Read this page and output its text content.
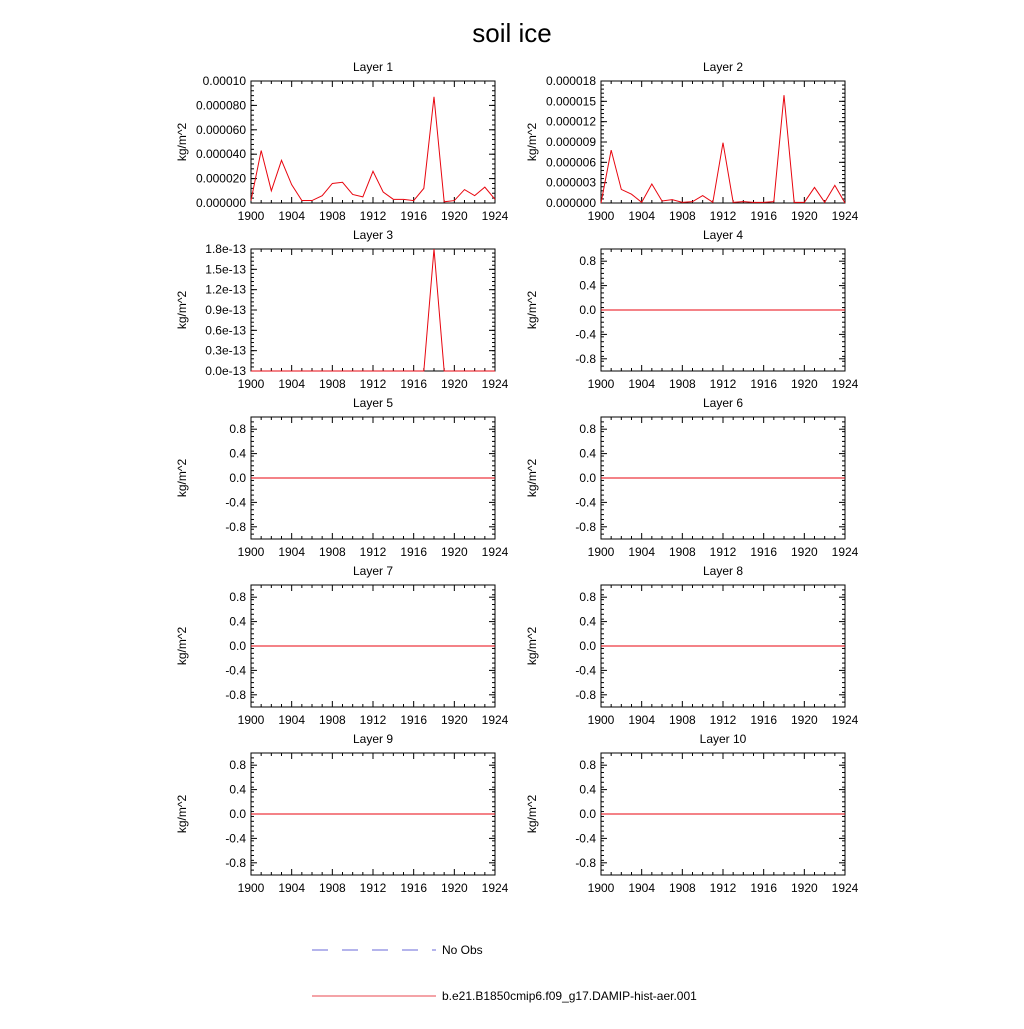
soil ice
Layer 1
1900 1904 1908 1912 1916 1920 1924
0.000000
0.000020
0.000040
0.000060
0.000080
0.00010
kg/m^2
Layer 2
1900 1904 1908 1912 1916 1920 1924
0.000000
0.000003
0.000006
0.000009
0.000012
0.000015
0.000018
kg/m^2
Layer 3
1900 1904 1908 1912 1916 1920 1924
0.0e-13
0.3e-13
0.6e-13
0.9e-13
1.2e-13
1.5e-13
1.8e-13
kg/m^2
Layer 4
1900 1904 1908 1912 1916 1920 1924
-0.8
-0.4
0.0
0.4
0.8
kg/m^2
Layer 5
1900 1904 1908 1912 1916 1920 1924
-0.8
-0.4
0.0
0.4
0.8
kg/m^2
Layer 6
1900 1904 1908 1912 1916 1920 1924
-0.8
-0.4
0.0
0.4
0.8
kg/m^2
Layer 7
1900 1904 1908 1912 1916 1920 1924
-0.8
-0.4
0.0
0.4
0.8
kg/m^2
Layer 8
1900 1904 1908 1912 1916 1920 1924
-0.8
-0.4
0.0
0.4
0.8
kg/m^2
Layer 9
1900 1904 1908 1912 1916 1920 1924
-0.8
-0.4
0.0
0.4
0.8
kg/m^2
Layer 10
1900 1904 1908 1912 1916 1920 1924
-0.8
-0.4
0.0
0.4
0.8
kg/m^2
No Obs
b.e21.B1850cmip6.f09_g17.DAMIP-hist-aer.001
